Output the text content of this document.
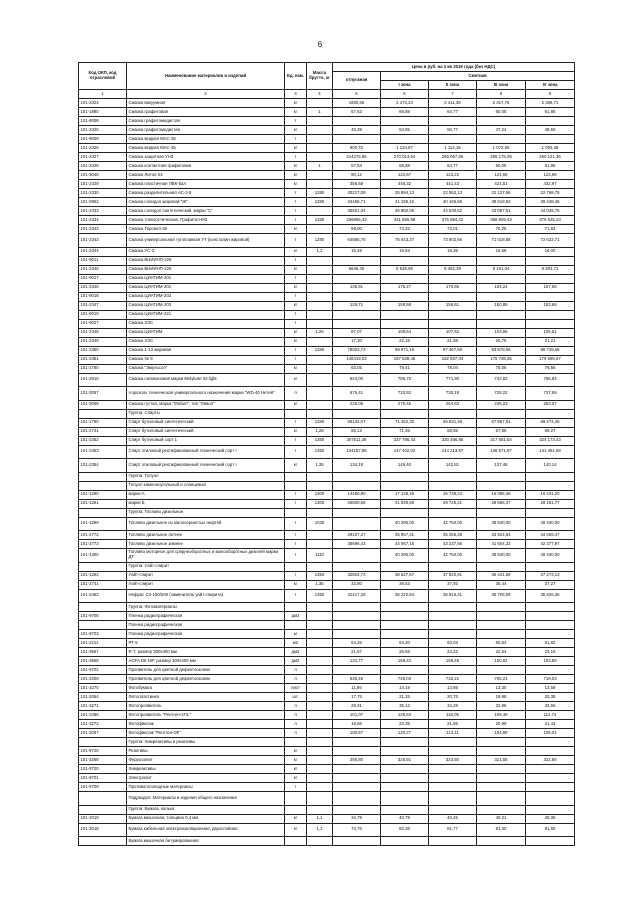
6
Код ОКП, код отраслевой	Наименование материалов и изделий	Ед. изм.	Масса брутто, кг	Цена в руб. на 3 кв 2016 года (без НДС)				
				отпускная	Сметная			
					I зона	II зона	III зона	IV зона
1	2	3	4	5	6	7	8	9
101-2324	Смазка вакуумная	кг		1930,65	2 473,24	2 411,38	2 317,76	2 368,71
101-1880	Смазка графитовая	кг	1	57,63	68,88	64,77	60,05	61,86
101-9008	Смазка графитомедистая	т						
101-2325	Смазка графитомедистая	кг		45,39	53,85	50,77	47,24	48,50
101-9009	Смазка жидкая МАС-35	т						
101-2326	Смазка жидкая МАС-35	кг		900,70	1 134,87	1 114,15	1 072,50	1 093,38
101-2327	Смазка защитная УНЗ	т		214276,95	270 013,64	265 067,66	255 175,09	260 121,36
101-2328	Смазка контактная графитовая	кг	1	57,63	68,88	64,77	60,05	61,86
101-3045	Смазка Литол-24	кг		90,12	122,67	123,22	124,66	123,98
101-2329	Смазка пластичная ПВК-5ал	кг		356,58	446,32	441,43	424,51	432,97
101-2330	Смазка разделительная АС-2-5	т	1280	20217,09	25 894,13	22 552,13	22 127,56	22 768,75
101-0962	Смазка солидол жировой "Ж"	т	1280	34456,71	41 155,10	40 165,68	38 618,62	39 448,46
101-2333	Смазка солидол синтетический, марки "С"	т		35601,04	45 982,05	44 630,52	43 087,51	44 035,76
101-2334	Смазка тонкоостическая, Графитол-МЗ	т	1280	336865,33	431 565,98	375 884,22	368 609,43	379 525,23
101-2342	Смазка Торсиол-35	кг		59,00	74,32	73,01	70,25	71,63
101-2343	Смазка универсальная тугоплавкая УТ (консталин жировой)	т	1280	64856,76	75 643,37	73 902,56	71 018,58	72 632,71
101-2344	Смазка УС-3	кг	1,2	15,49	19,63	18,35	16,58	18,00
101-9011	Смазка ВНИИНП-226	т						
101-2345	Смазка ВНИИНП-226	кг		6646,40	8 626,95	8 462,39	8 151,04	8 303,71
101-9017	Смазка ЦИАТИМ-201	т						
101-2346	Смазка ЦИАТИМ-201	кг		136,91	175,27	170,86	164,24	167,55
101-9018	Смазка ЦИАТИМ-203	т						
101-2347	Смазка ЦИАТИМ-203	кг		126,71	159,58	156,61	150,85	153,68
101-9019	Смазка ЦИАТИМ-221	т						
101-9027	Смазка ЗЭС	т						
101-2348	Смазка ЦИАТИМ	кг	1,26	87,07	109,64	107,62	103,66	105,61
101-2349	Смазка ЗЭС	кг		17,30	22,15	21,58	20,75	21,21
101-2350	Смазка 1-13 жировая	т	1280	78003,72	99 971,19	97 467,60	93 678,06	95 739,68
101-2351	Смазка № 9	т		146419,03	187 538,46	182 837,04	175 738,35	179 595,67
101-2780	Смазка "Эмульсол"	кг		63,05	79,41	78,04	75,06	76,56
101-2915	Смазка силиконовая марки Molykote 33 light	кг		624,00	786,75	771,30	742,83	756,84
101-3057	Аэрозоль техническая универсального назначения марки "WD-40 Нетей"	л		676,41	733,82	730,19	726,22	727,69
101-3058	Смазка густая, марка "Мобил", тип "Ливол"	кг		225,08	279,45	264,63	246,23	253,07
	Группа: Спирты							
101-1780	Спирт бутиловый синтетический	т	1280	65132,07	71 452,32	65 531,48	67 857,61	69 274,46
101-2741	Спирт бутиловый синтетический	кг	1,28	65,13	71,46	68,55	67,86	69,27
101-2352	Спирт бутиловый сорт 1	т	1350	307511,36	337 786,43	330 496,85	317 551,64	324 173,43
101-2353	Спирт этиловый ректификованный технический сорт I	т	1350	134187,85	147 402,02	144 213,97	138 571,97	141 451,59
101-2354	Спирт этиловый ректификованный технический сорт I	кг	1,35	134,19	145,40	142,81	137,48	140,14
	Группа: Толуол							
	Толуол каменноугольный и сланцевый							
101-1290	марки А	т	1300	14480,80	17 128,49	16 739,22	16 086,36	16 431,20
101-1291	марки Б	т	1300	26800,56	31 839,58	29 725,21	28 565,37	29 181,77
	Группа: Топливо дизельное							
101-1299	Топливо дизельное из малосернистых нефтей	т	1030		40 290,00	42 750,00	38 540,00	40 330,00
101-2772	Топливо дизельное летнее	т		29107,27	35 957,31	35 256,39	33 924,64	34 555,47
101-2773	Топливо дизельное зимнее	т		35696,43	44 067,15	43 237,56	41 604,33	42 377,97
101-1300	Топливо моторное для среднеоборотных и малооборотных дизелей марки ДТ	т	1110		40 290,00	42 750,00	38 540,00	40 330,00
	Группа: Уайт-спирит							
101-1292	Уайт-спирит	т	1350	32804,73	38 627,67	37 920,91	36 441,59	37 273,13
101-2741	Уайт-спирит	кг	1,35	32,80	38,63	37,92	36,44	37,27
101-2362	Нефрас С4-150/200 (заменитель уайт-спирита)	т	1350	31417,26	36 222,84	35 916,31	35 705,09	35 826,35
	Группа: Фотоматериалы							
101-9705	Пленка радиографическая	дм2						
	Пленка радиографическая							
101-9703	Пленка радиографическая	м						
101-2211	РТ-5	м2		64,26	64,20	63,03	60,64	61,82
101-3567	R-T, размер 300х400 мм	дм2		21,67	25,58	24,22	22,54	23,16
101-3568	AGFA D8 NIF, размер 300х400 мм	дм2		134,77	159,43	156,49	150,52	153,56
101-9702	Проявитель для цветной дефектоскопии	л						
101-2209	Проявитель для цветной дефектоскопии	л		630,48	746,03	732,21	705,21	719,03
101-3270	Фотобумага	лист		11,86	14,19	13,85	13,30	13,59
101-2064	Фотопластинка	шт.		17,75	21,25	20,75	19,95	20,38
101-3271	Фотопроявитель	л		29,31	35,12	34,28	32,96	33,66
101-2396	Фотопроявитель "Рентген-2П1"	л		101,07	125,53	118,05	109,49	112,74
101-3272	Фотофиксаж	л		18,66	22,35	21,85	20,99	21,44
101-2097	Фотофиксаж "Рентген-2Ф"	л		100,67	120,27	113,11	104,99	108,01
	Группа: Химреактивы и реактивы							
101-9720	Реактивы	кг						
101-3268	Ферросилит	кг		295,80	326,91	323,50	321,55	322,56
101-9700	Химреактивы	кг						
101-9701	Электролит	кг						
101-9709	Противогололедные материалы	т						
	Подраздел: Материалы и изделия общего назначения							
	Группа: Бумага, калька							
101-2019	Бумага мешочная, толщина 0,4 мм	кг	1,1	34,79	40,79	40,45	40,21	40,35
101-2018	Бумага кабельная электроизоляционная, двухслойная	кг	1,1	74,76	82,38	81,77	81,30	81,55
	Бумага мешочная битумированная							
